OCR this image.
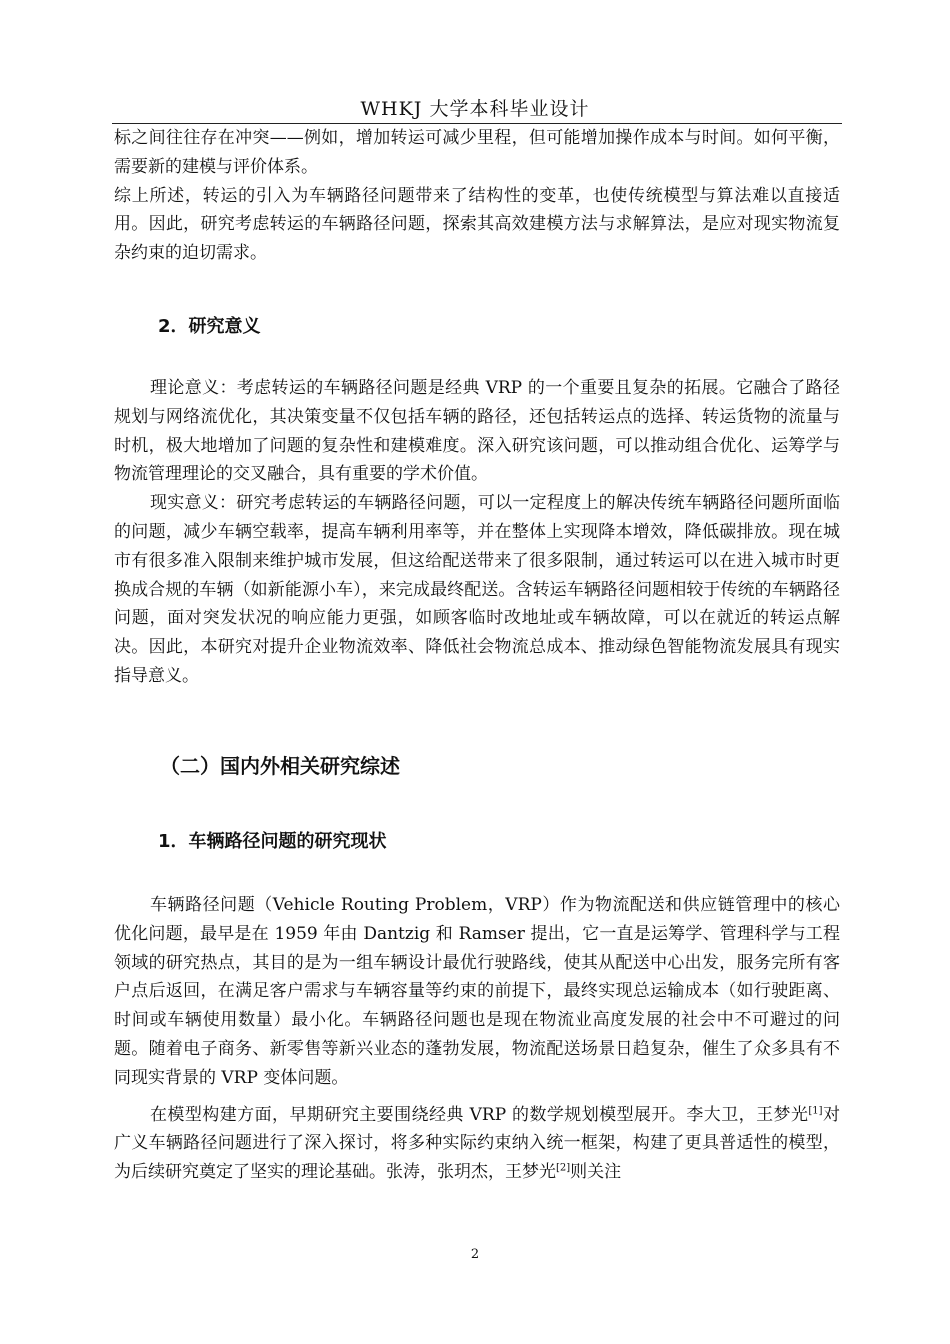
WHKJ 大学本科毕业设计

标之间往往存在冲突——例如，增加转运可减少里程，但可能增加操作成本与时间。如何平衡，需要新的建模与评价体系。

综上所述，转运的引入为车辆路径问题带来了结构性的变革，也使传统模型与算法难以直接适用。因此，研究考虑转运的车辆路径问题，探索其高效建模方法与求解算法，是应对现实物流复杂约束的迫切需求。

2．研究意义

理论意义：考虑转运的车辆路径问题是经典 VRP 的一个重要且复杂的拓展。它融合了路径规划与网络流优化，其决策变量不仅包括车辆的路径，还包括转运点的选择、转运货物的流量与时机，极大地增加了问题的复杂性和建模难度。深入研究该问题，可以推动组合优化、运筹学与物流管理理论的交叉融合，具有重要的学术价值。

现实意义：研究考虑转运的车辆路径问题，可以一定程度上的解决传统车辆路径问题所面临的问题，减少车辆空载率，提高车辆利用率等，并在整体上实现降本增效，降低碳排放。现在城市有很多准入限制来维护城市发展，但这给配送带来了很多限制，通过转运可以在进入城市时更换成合规的车辆（如新能源小车），来完成最终配送。含转运车辆路径问题相较于传统的车辆路径问题，面对突发状况的响应能力更强，如顾客临时改地址或车辆故障，可以在就近的转运点解决。因此，本研究对提升企业物流效率、降低社会物流总成本、推动绿色智能物流发展具有现实指导意义。

（二）国内外相关研究综述
1．车辆路径问题的研究现状

车辆路径问题（Vehicle Routing Problem，VRP）作为物流配送和供应链管理中的核心优化问题，最早是在 1959 年由 Dantzig 和 Ramser 提出，它一直是运筹学、管理科学与工程领域的研究热点，其目的是为一组车辆设计最优行驶路线，使其从配送中心出发，服务完所有客户点后返回，在满足客户需求与车辆容量等约束的前提下，最终实现总运输成本（如行驶距离、时间或车辆使用数量）最小化。车辆路径问题也是现在物流业高度发展的社会中不可避过的问题。随着电子商务、新零售等新兴业态的蓬勃发展，物流配送场景日趋复杂，催生了众多具有不同现实背景的 VRP 变体问题。

在模型构建方面，早期研究主要围绕经典 VRP 的数学规划模型展开。李大卫，王梦光[1]对广义车辆路径问题进行了深入探讨，将多种实际约束纳入统一框架，构建了更具普适性的模型，为后续研究奠定了坚实的理论基础。张涛，张玥杰，王梦光[2]则关注

2
